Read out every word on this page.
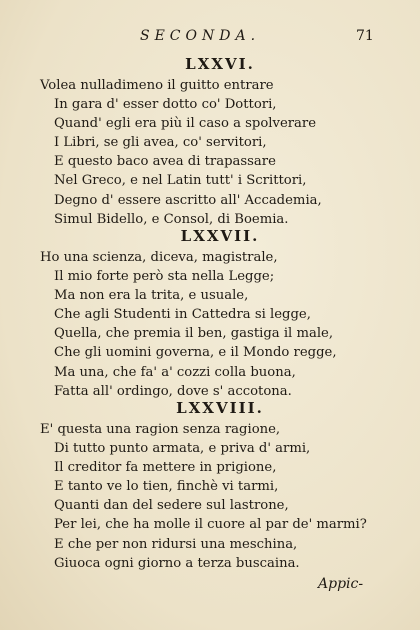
SECONDA.	71
LXXVI.
Volea nulladimeno il guitto entrare
In gara d' esser dotto co' Dottori,
Quand' egli era più il caso a spolverare
I Libri, se gli avea, co' servitori,
E questo baco avea di trapassare
Nel Greco, e nel Latin tutt' i Scrittori,
Degno d' essere ascritto all' Accademia,
Simul Bidello, e Consol, di Boemia.
LXXVII.
Ho una scienza, diceva, magistrale,
Il mio forte però sta nella Legge;
Ma non era la trita, e usuale,
Che agli Studenti in Cattedra si legge,
Quella, che premia il ben, gastiga il male,
Che gli uomini governa, e il Mondo regge,
Ma una, che fa' a' cozzi colla buona,
Fatta all' ordingo, dove s' accotona.
LXXVIII.
E' questa una ragion senza ragione,
Di tutto punto armata, e priva d' armi,
Il creditor fa mettere in prigione,
E tanto ve lo tien, finchè vi tarmi,
Quanti dan del sedere sul lastrone,
Per lei, che ha molle il cuore al par de' marmi?
E che per non ridursi una meschina,
Giuoca ogni giorno a terza buscaina.
Appic-
